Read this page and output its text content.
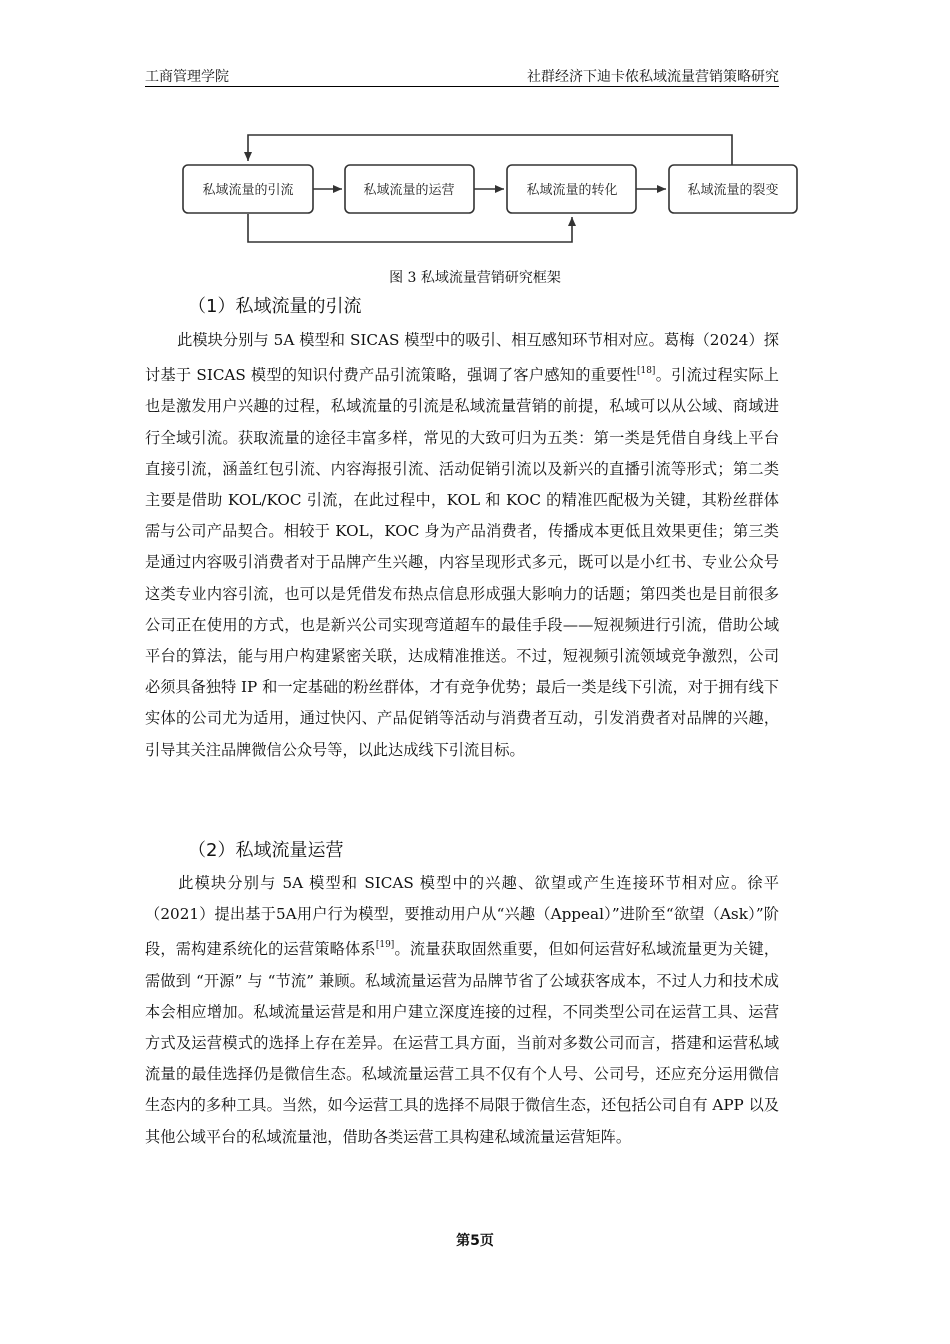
工商管理学院	社群经济下迪卡侬私域流量营销策略研究
私域流量的引流	私域流量的运营	私域流量的转化	私域流量的裂变
图 3 私域流量营销研究框架
（1）私域流量的引流

此模块分别与 5A 模型和 SICAS 模型中的吸引、相互感知环节相对应。葛梅（2024）探讨基于 SICAS 模型的知识付费产品引流策略，强调了客户感知的重要性[18]。引流过程实际上也是激发用户兴趣的过程，私域流量的引流是私域流量营销的前提，私域可以从公域、商域进行全域引流。获取流量的途径丰富多样，常见的大致可归为五类：第一类是凭借自身线上平台直接引流，涵盖红包引流、内容海报引流、活动促销引流以及新兴的直播引流等形式；第二类主要是借助 KOL/KOC 引流，在此过程中，KOL 和 KOC 的精准匹配极为关键，其粉丝群体需与公司产品契合。相较于 KOL，KOC 身为产品消费者，传播成本更低且效果更佳；第三类是通过内容吸引消费者对于品牌产生兴趣，内容呈现形式多元，既可以是小红书、专业公众号这类专业内容引流，也可以是凭借发布热点信息形成强大影响力的话题；第四类也是目前很多公司正在使用的方式，也是新兴公司实现弯道超车的最佳手段——短视频进行引流，借助公域平台的算法，能与用户构建紧密关联，达成精准推送。不过，短视频引流领域竞争激烈，公司必须具备独特 IP 和一定基础的粉丝群体，才有竞争优势；最后一类是线下引流，对于拥有线下实体的公司尤为适用，通过快闪、产品促销等活动与消费者互动，引发消费者对品牌的兴趣，引导其关注品牌微信公众号等，以此达成线下引流目标。

（2）私域流量运营

此模块分别与 5A 模型和 SICAS 模型中的兴趣、欲望或产生连接环节相对应。徐平（2021）提出基于5A用户行为模型，要推动用户从“兴趣（Appeal）”进阶至“欲望（Ask）”阶段，需构建系统化的运营策略体系[19]。流量获取固然重要，但如何运营好私域流量更为关键，需做到 “开源” 与 “节流” 兼顾。私域流量运营为品牌节省了公域获客成本，不过人力和技术成本会相应增加。私域流量运营是和用户建立深度连接的过程，不同类型公司在运营工具、运营方式及运营模式的选择上存在差异。在运营工具方面，当前对多数公司而言，搭建和运营私域流量的最佳选择仍是微信生态。私域流量运营工具不仅有个人号、公司号，还应充分运用微信生态内的多种工具。当然，如今运营工具的选择不局限于微信生态，还包括公司自有 APP 以及其他公域平台的私域流量池，借助各类运营工具构建私域流量运营矩阵。

第5页
